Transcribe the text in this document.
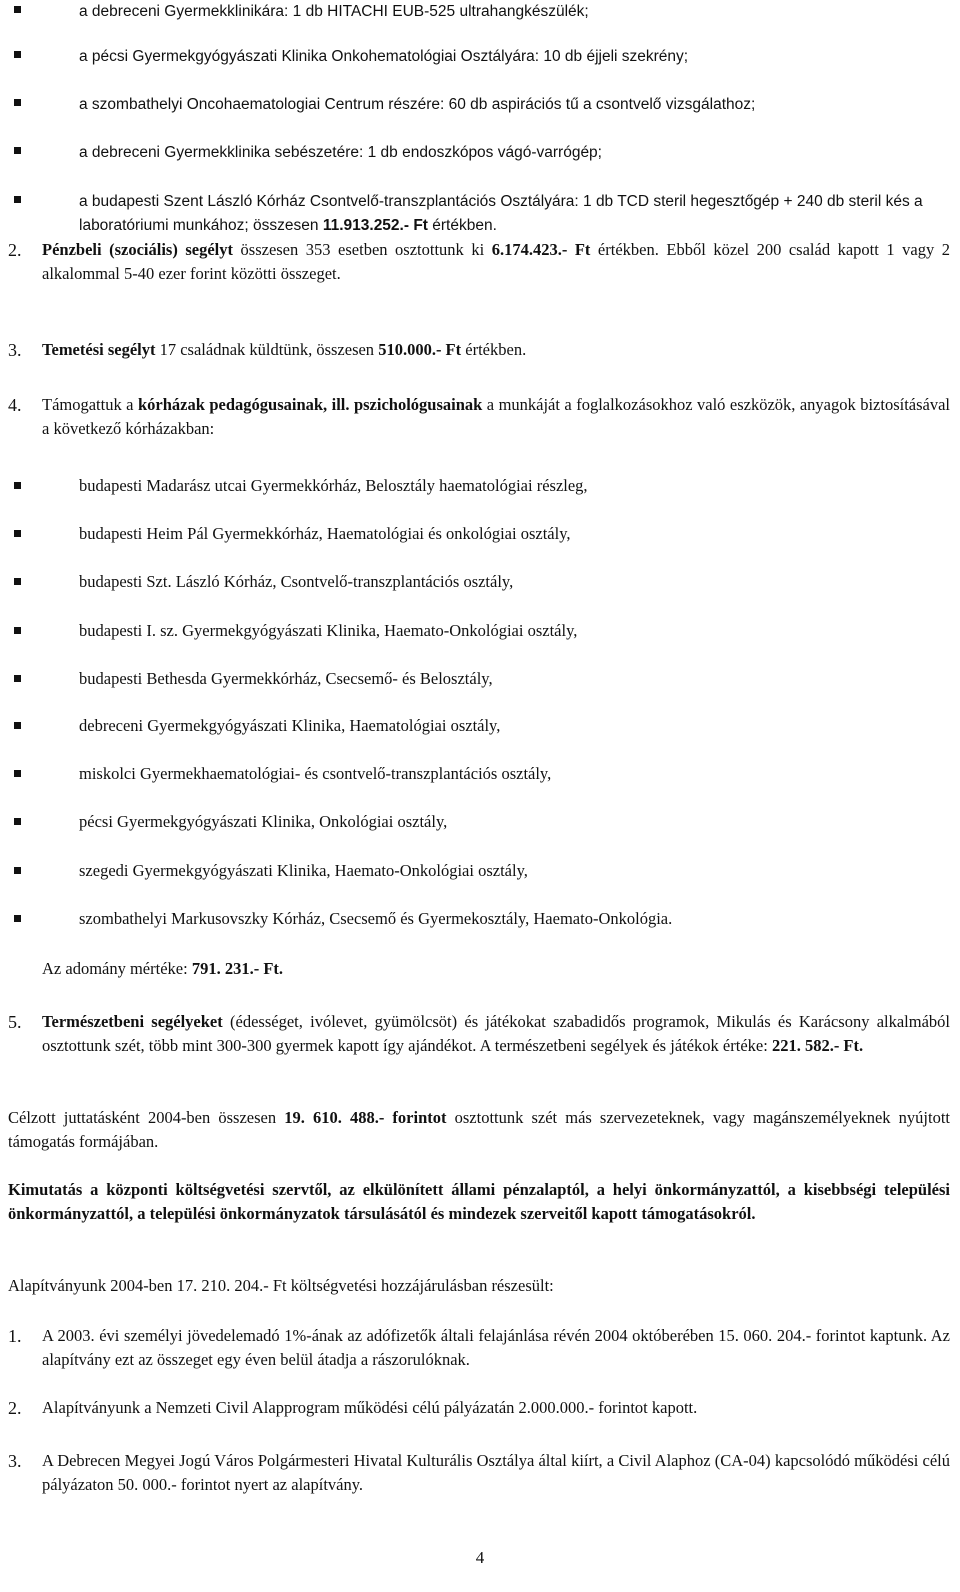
a debreceni Gyermekklinikára: 1 db HITACHI EUB-525 ultrahangkészülék;
a pécsi Gyermekgyógyászati Klinika Onkohematológiai Osztályára: 10 db éjjeli szekrény;
a szombathelyi Oncohaematologiai Centrum részére: 60 db aspirációs tű a csontvelő vizsgálathoz;
a debreceni Gyermekklinika sebészetére: 1 db endoszkópos vágó-varrógép;
a budapesti Szent László Kórház Csontvelő-transzplantációs Osztályára: 1 db TCD steril hegesztőgép + 240 db steril kés a laboratóriumi munkához; összesen 11.913.252.- Ft értékben.
2.	Pénzbeli (szociális) segélyt összesen 353 esetben osztottunk ki 6.174.423.- Ft értékben. Ebből közel 200 család kapott 1 vagy 2 alkalommal 5-40 ezer forint közötti összeget.
3.	Temetési segélyt 17 családnak küldtünk, összesen 510.000.- Ft értékben.
4.	Támogattuk a kórházak pedagógusainak, ill. pszichológusainak a munkáját a foglalkozásokhoz való eszközök, anyagok biztosításával a következő kórházakban:
budapesti Madarász utcai Gyermekkórház, Belosztály haematológiai részleg,
budapesti Heim Pál Gyermekkórház, Haematológiai és onkológiai osztály,
budapesti Szt. László Kórház, Csontvelő-transzplantációs osztály,
budapesti I. sz. Gyermekgyógyászati Klinika, Haemato-Onkológiai osztály,
budapesti Bethesda Gyermekkórház, Csecsemő- és Belosztály,
debreceni Gyermekgyógyászati Klinika, Haematológiai osztály,
miskolci Gyermekhaematológiai- és csontvelő-transzplantációs osztály,
pécsi Gyermekgyógyászati Klinika, Onkológiai osztály,
szegedi Gyermekgyógyászati Klinika, Haemato-Onkológiai osztály,
szombathelyi Markusovszky Kórház, Csecsemő és Gyermekosztály, Haemato-Onkológia.
Az adomány mértéke: 791. 231.- Ft.
5.	Természetbeni segélyeket (édességet, ivólevet, gyümölcsöt) és játékokat szabadidős programok, Mikulás és Karácsony alkalmából osztottunk szét, több mint 300-300 gyermek kapott így ajándékot. A természetbeni segélyek és játékok értéke: 221. 582.- Ft.
Célzott juttatásként 2004-ben összesen 19. 610. 488.- forintot osztottunk szét más szervezeteknek, vagy magánszemélyeknek nyújtott támogatás formájában.
Kimutatás a központi költségvetési szervtől, az elkülönített állami pénzalaptól, a helyi önkormányzattól, a kisebbségi települési önkormányzattól, a települési önkormányzatok társulásától és mindezek szerveitől kapott támogatásokról.
Alapítványunk 2004-ben 17. 210. 204.- Ft költségvetési hozzájárulásban részesült:
1.	A 2003. évi személyi jövedelemadó 1%-ának az adófizetők általi felajánlása révén 2004 októberében 15. 060. 204.- forintot kaptunk. Az alapítvány ezt az összeget egy éven belül átadja a rászorulóknak.
2.	Alapítványunk a Nemzeti Civil Alapprogram működési célú pályázatán 2.000.000.- forintot kapott.
3.	A Debrecen Megyei Jogú Város Polgármesteri Hivatal Kulturális Osztálya által kiírt, a Civil Alaphoz (CA-04) kapcsolódó működési célú pályázaton 50. 000.- forintot nyert az alapítvány.
4
